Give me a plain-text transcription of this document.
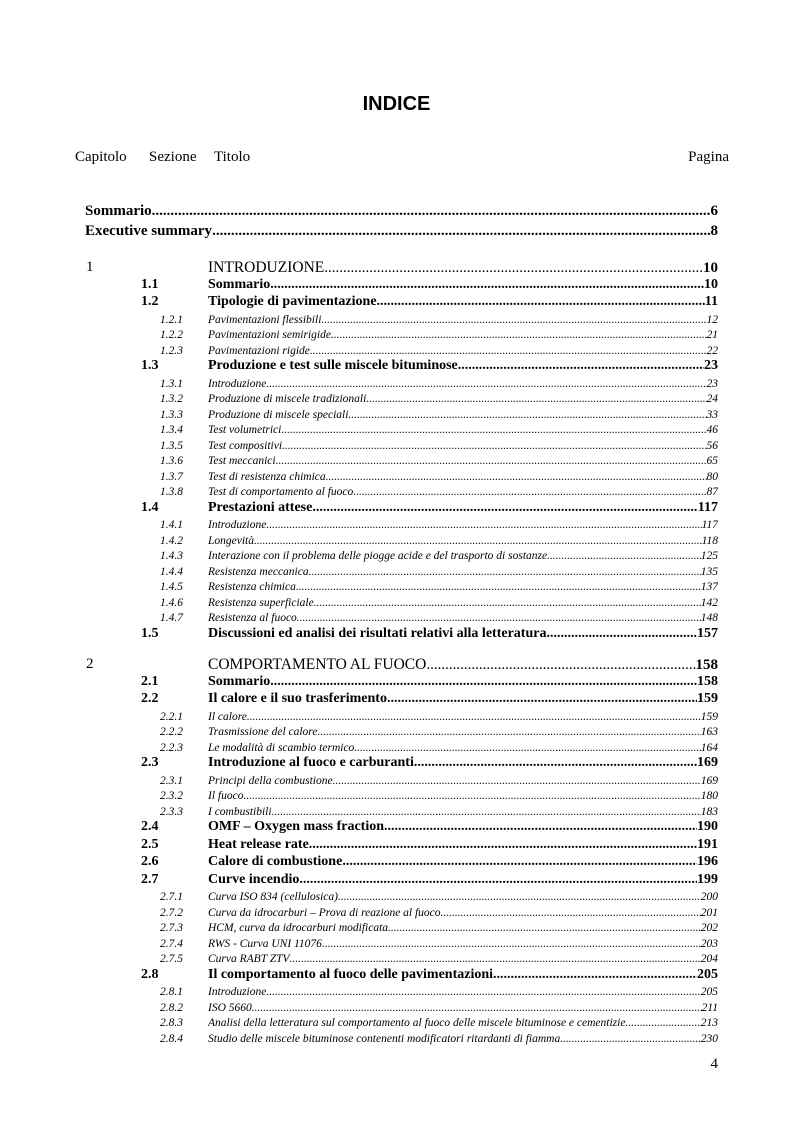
INDICE
Capitolo Sezione Titolo	Pagina
Sommario .....	6
Executive summary .....	8
1	INTRODUZIONE .....	10
1.1	Sommario .....	10
1.2	Tipologie di pavimentazione .....	11
1.2.1 Pavimentazioni flessibili .....	12
1.2.2 Pavimentazioni semirigide .....	21
1.2.3 Pavimentazioni rigide .....	22
1.3	Produzione e test sulle miscele bituminose .....	23
1.3.1 Introduzione .....	23
1.3.2 Produzione di miscele tradizionali .....	24
1.3.3 Produzione di miscele speciali .....	33
1.3.4 Test volumetrici .....	46
1.3.5 Test compositivi .....	56
1.3.6 Test meccanici .....	65
1.3.7 Test di resistenza chimica .....	80
1.3.8 Test di comportamento al fuoco .....	87
1.4	Prestazioni attese .....	117
1.4.1 Introduzione .....	117
1.4.2 Longevità .....	118
1.4.3 Interazione con il problema delle piogge acide e del trasporto di sostanze .....	125
1.4.4 Resistenza meccanica .....	135
1.4.5 Resistenza chimica .....	137
1.4.6 Resistenza superficiale .....	142
1.4.7 Resistenza al fuoco .....	148
1.5	Discussioni ed analisi dei risultati relativi alla letteratura .....	157
2	COMPORTAMENTO AL FUOCO .....	158
2.1	Sommario .....	158
2.2	Il calore e il suo trasferimento .....	159
2.2.1 Il calore .....	159
2.2.2 Trasmissione del calore .....	163
2.2.3 Le modalità di scambio termico .....	164
2.3	Introduzione al fuoco e carburanti .....	169
2.3.1 Principi della combustione .....	169
2.3.2 Il fuoco .....	180
2.3.3 I combustibili .....	183
2.4	OMF – Oxygen mass fraction .....	190
2.5	Heat release rate .....	191
2.6	Calore di combustione .....	196
2.7	Curve incendio .....	199
2.7.1 Curva ISO 834 (cellulosica) .....	200
2.7.2 Curva da idrocarburi – Prova di reazione al fuoco .....	201
2.7.3 HCM, curva da idrocarburi modificata .....	202
2.7.4 RWS - Curva UNI 11076 .....	203
2.7.5 Curva RABT ZTV .....	204
2.8	Il comportamento al fuoco delle pavimentazioni .....	205
2.8.1 Introduzione .....	205
2.8.2 ISO 5660 .....	211
2.8.3 Analisi della letteratura sul comportamento al fuoco delle miscele bituminose e cementizie. .....	213
2.8.4 Studio delle miscele bituminose contenenti modificatori ritardanti di fiamma .....	230
4
